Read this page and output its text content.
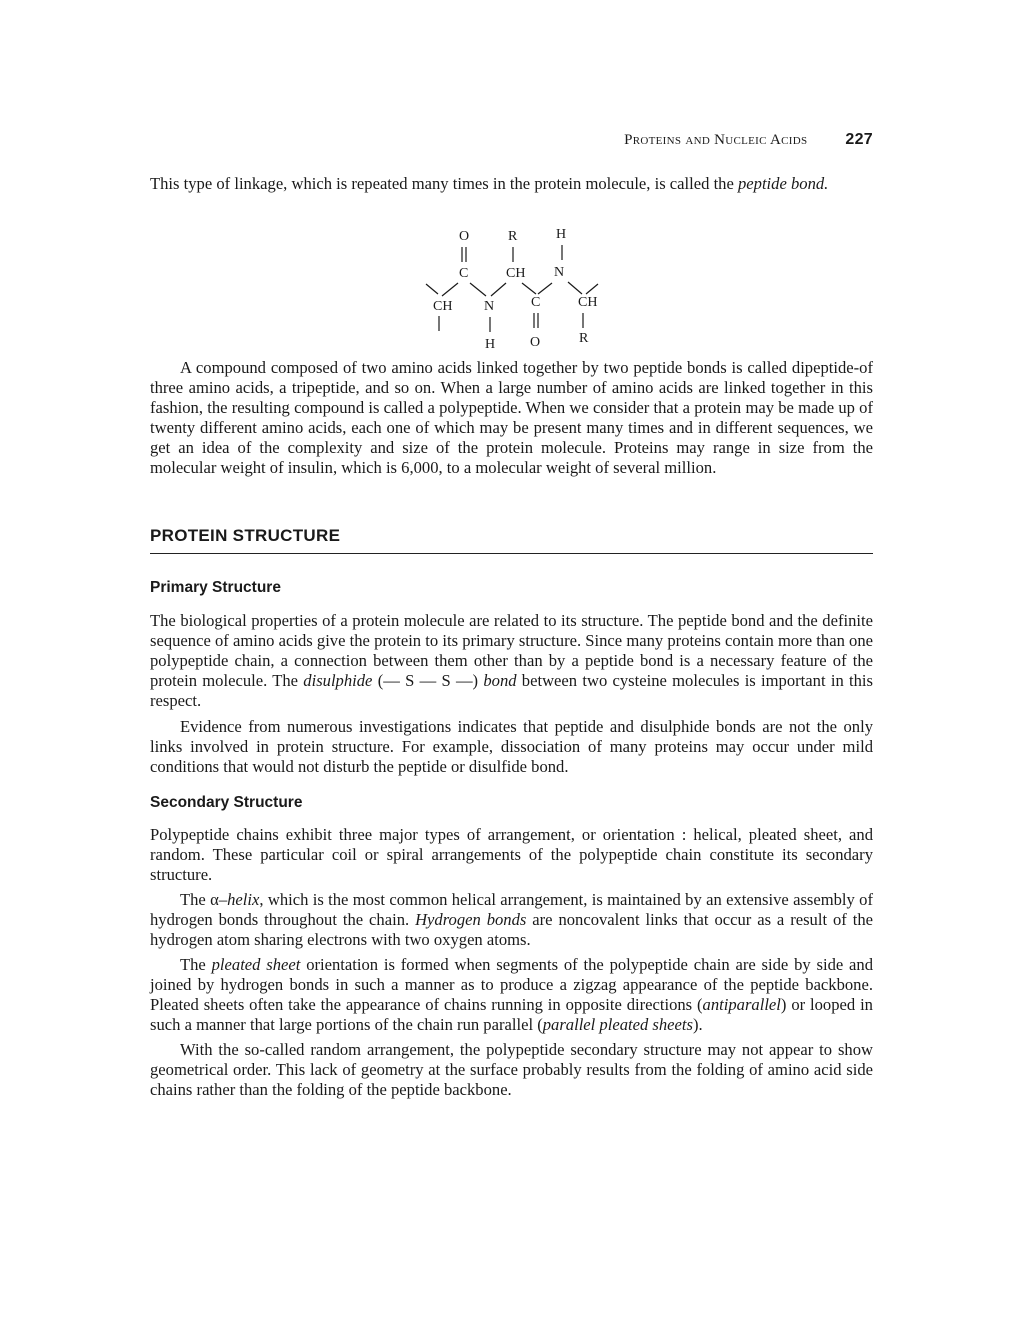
Proteins and Nucleic Acids 227

This type of linkage, which is repeated many times in the protein molecule, is called the peptide bond.

O	R	H
C	CH N
CH N	C	CH
H O	R

A compound composed of two amino acids linked together by two peptide bonds is called dipeptide-of three amino acids, a tripeptide, and so on. When a large number of amino acids are linked together in this fashion, the resulting compound is called a polypeptide. When we consider that a protein may be made up of twenty different amino acids, each one of which may be present many times and in different sequences, we get an idea of the complexity and size of the protein molecule. Proteins may range in size from the molecular weight of insulin, which is 6,000, to a molecular weight of several million.

PROTEIN STRUCTURE
Primary Structure

The biological properties of a protein molecule are related to its structure. The peptide bond and the definite sequence of amino acids give the protein to its primary structure. Since many proteins contain more than one polypeptide chain, a connection between them other than by a peptide bond is a necessary feature of the protein molecule. The disulphide (— S — S —) bond between two cysteine molecules is important in this respect.

Evidence from numerous investigations indicates that peptide and disulphide bonds are not the only links involved in protein structure. For example, dissociation of many proteins may occur under mild conditions that would not disturb the peptide or disulfide bond.

Secondary Structure

Polypeptide chains exhibit three major types of arrangement, or orientation : helical, pleated sheet, and random. These particular coil or spiral arrangements of the polypeptide chain constitute its secondary structure.

The α–helix, which is the most common helical arrangement, is maintained by an extensive assembly of hydrogen bonds throughout the chain. Hydrogen bonds are noncovalent links that occur as a result of the hydrogen atom sharing electrons with two oxygen atoms.

The pleated sheet orientation is formed when segments of the polypeptide chain are side by side and joined by hydrogen bonds in such a manner as to produce a zigzag appearance of the peptide backbone. Pleated sheets often take the appearance of chains running in opposite directions (antiparallel) or looped in such a manner that large portions of the chain run parallel (parallel pleated sheets).

With the so-called random arrangement, the polypeptide secondary structure may not appear to show geometrical order. This lack of geometry at the surface probably results from the folding of amino acid side chains rather than the folding of the peptide backbone.
